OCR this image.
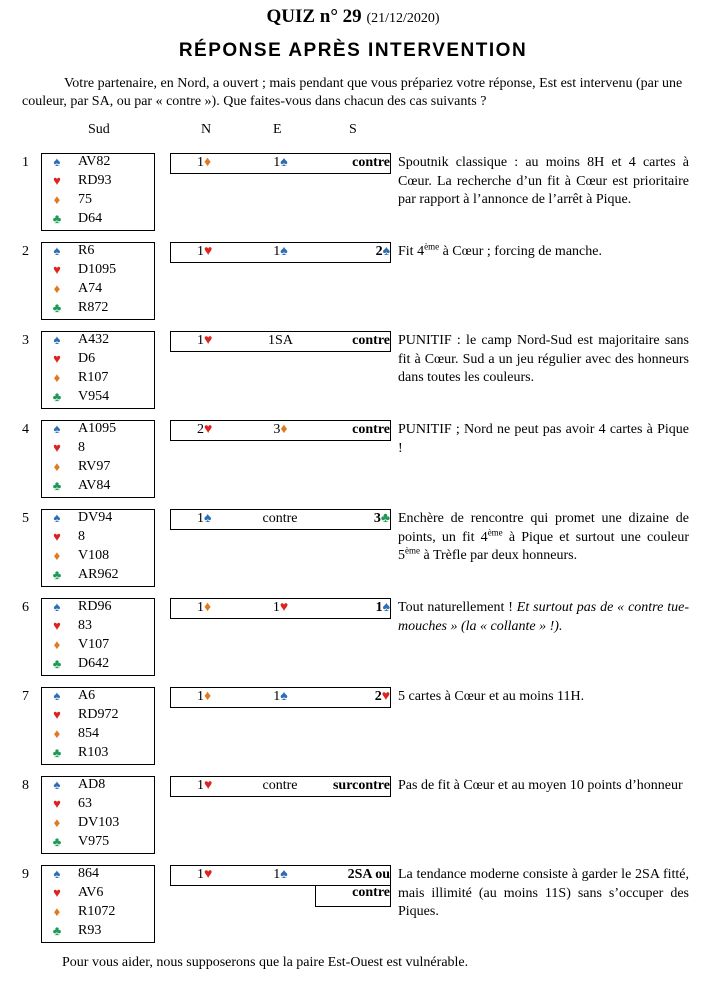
QUIZ n° 29 (21/12/2020)
RÉPONSE APRÈS INTERVENTION
Votre partenaire, en Nord, a ouvert ; mais pendant que vous prépariez votre réponse, Est est intervenu (par une couleur, par SA, ou par « contre »). Que faites-vous dans chacun des cas suivants ?
Sud	N	E	S
1 ♠ AV82
♥ RD93
♦ 75
♣ D64
1♦	1♠	contre Spoutnik classique : au moins 8H et 4 cartes à Cœur. La recherche d’un fit à Cœur est prioritaire par rapport à l’annonce de l’arrêt à Pique.
2 ♠ R6
♥ D1095
♦ A74
♣ R872
1♥	1♠	2♠ Fit 4ème à Cœur ; forcing de manche.
3 ♠ A432
♥ D6
♦ R107
♣ V954
1♥	1SA	contre PUNITIF : le camp Nord-Sud est majoritaire sans fit à Cœur. Sud a un jeu régulier avec des honneurs dans toutes les couleurs.
4 ♠ A1095
♥ 8
♦ RV97
♣ AV84
2♥	3♦	contre PUNITIF ; Nord ne peut pas avoir 4 cartes à Pique !
5 ♠ DV94
♥ 8
♦ V108
♣ AR962
1♠	contre	3♣ Enchère de rencontre qui promet une dizaine de points, un fit 4ème à Pique et surtout une couleur 5ème à Trèfle par deux honneurs.
6 ♠ RD96
♥ 83
♦ V107
♣ D642
1♦	1♥	1♠ Tout naturellement ! Et surtout pas de « contre tue-mouches » (la « collante » !).
7 ♠ A6
♥ RD972
♦ 854
♣ R103
1♦	1♠	2♥ 5 cartes à Cœur et au moins 11H.
8 ♠ AD8
♥ 63
♦ DV103
♣ V975
1♥	contre	surcontre Pas de fit à Cœur et au moyen 10 points d’honneur
9 ♠ 864
♥ AV6
♦ R1072
♣ R93
1♥	1♠	2SA ou
contre
La tendance moderne consiste à garder le 2SA fitté, mais illimité (au moins 11S) sans s’occuper des Piques.
Pour vous aider, nous supposerons que la paire Est-Ouest est vulnérable.
